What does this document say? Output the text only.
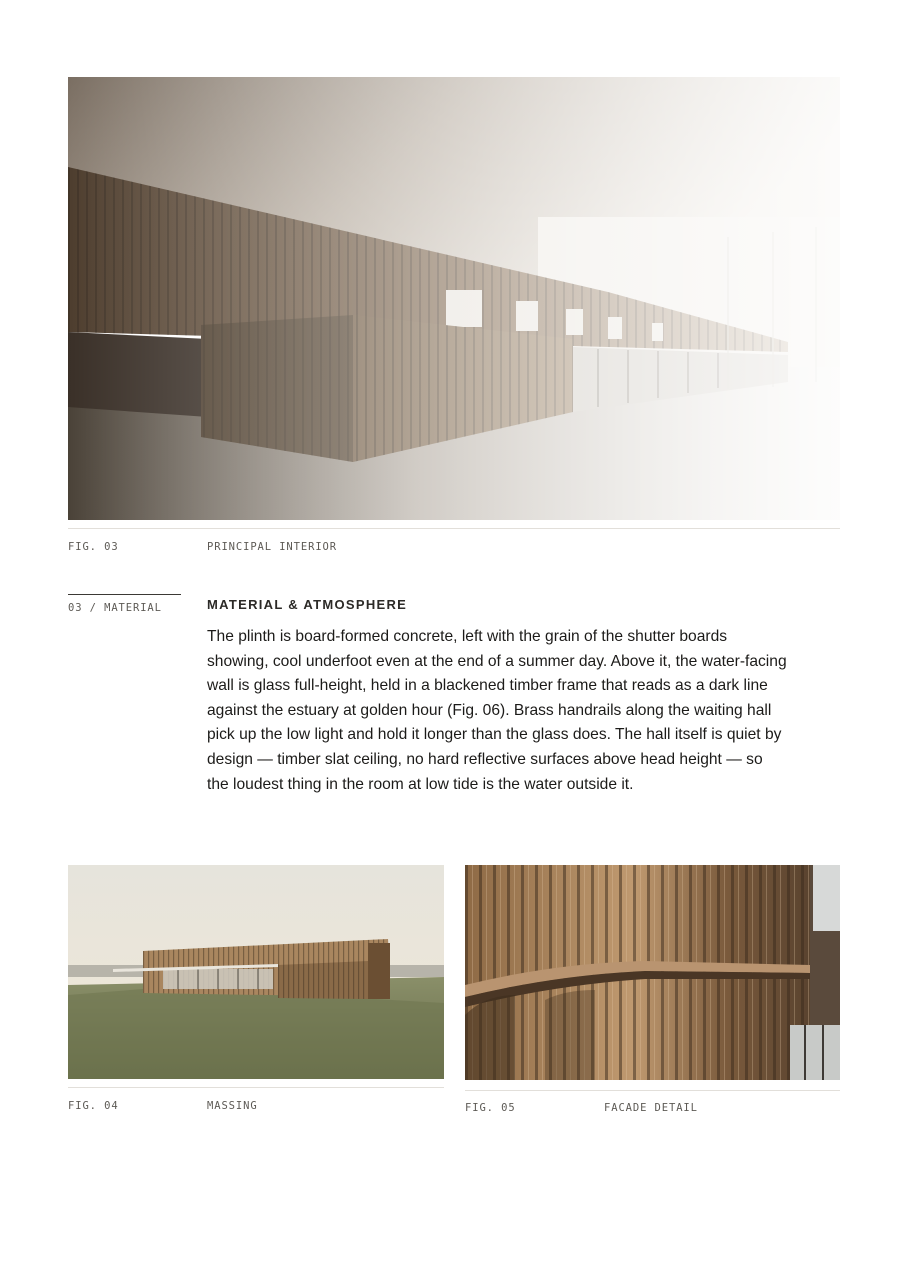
FIG. 03	PRINCIPAL INTERIOR
03 / MATERIAL	MATERIAL & ATMOSPHERE
The plinth is board-formed concrete, left with the grain of the shutter boards showing, cool underfoot even at the end of a summer day. Above it, the water-facing wall is glass full-height, held in a blackened timber frame that reads as a dark line against the estuary at golden hour (Fig. 06). Brass handrails along the waiting hall pick up the low light and hold it longer than the glass does. The hall itself is quiet by design — timber slat ceiling, no hard reflective surfaces above head height — so the loudest thing in the room at low tide is the water outside it.
FIG. 04	MASSING	FIG. 05	FACADE DETAIL
